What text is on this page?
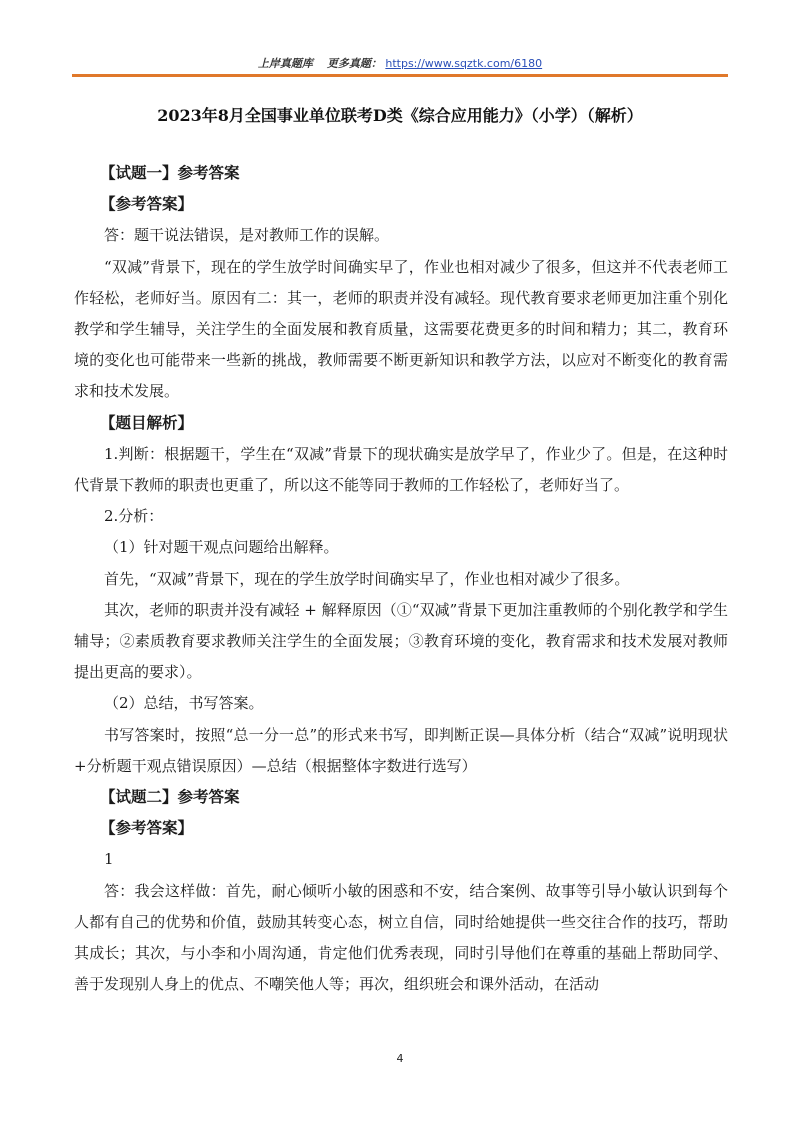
上岸真题库 更多真题： https://www.sqztk.com/6180
2023年8月全国事业单位联考D类《综合应用能力》（小学）（解析）

【试题一】参考答案

【参考答案】

答：题干说法错误，是对教师工作的误解。

“双减”背景下，现在的学生放学时间确实早了，作业也相对减少了很多，但这并不代表老师工作轻松，老师好当。原因有二：其一，老师的职责并没有减轻。现代教育要求老师更加注重个别化教学和学生辅导，关注学生的全面发展和教育质量，这需要花费更多的时间和精力；其二，教育环境的变化也可能带来一些新的挑战，教师需要不断更新知识和教学方法，以应对不断变化的教育需求和技术发展。

【题目解析】

1.判断：根据题干，学生在“双减”背景下的现状确实是放学早了，作业少了。但是，在这种时代背景下教师的职责也更重了，所以这不能等同于教师的工作轻松了，老师好当了。

2.分析：

（1）针对题干观点问题给出解释。

首先，“双减”背景下，现在的学生放学时间确实早了，作业也相对减少了很多。

其次，老师的职责并没有减轻 + 解释原因（①“双减”背景下更加注重教师的个别化教学和学生辅导；②素质教育要求教师关注学生的全面发展；③教育环境的变化，教育需求和技术发展对教师提出更高的要求）。

（2）总结，书写答案。

书写答案时，按照“总一分一总”的形式来书写，即判断正误—具体分析（结合“双减”说明现状+分析题干观点错误原因）—总结（根据整体字数进行选写）

【试题二】参考答案

【参考答案】

1

答：我会这样做：首先，耐心倾听小敏的困惑和不安，结合案例、故事等引导小敏认识到每个人都有自己的优势和价值，鼓励其转变心态，树立自信，同时给她提供一些交往合作的技巧，帮助其成长；其次，与小李和小周沟通，肯定他们优秀表现，同时引导他们在尊重的基础上帮助同学、善于发现别人身上的优点、不嘲笑他人等；再次，组织班会和课外活动，在活动

4
